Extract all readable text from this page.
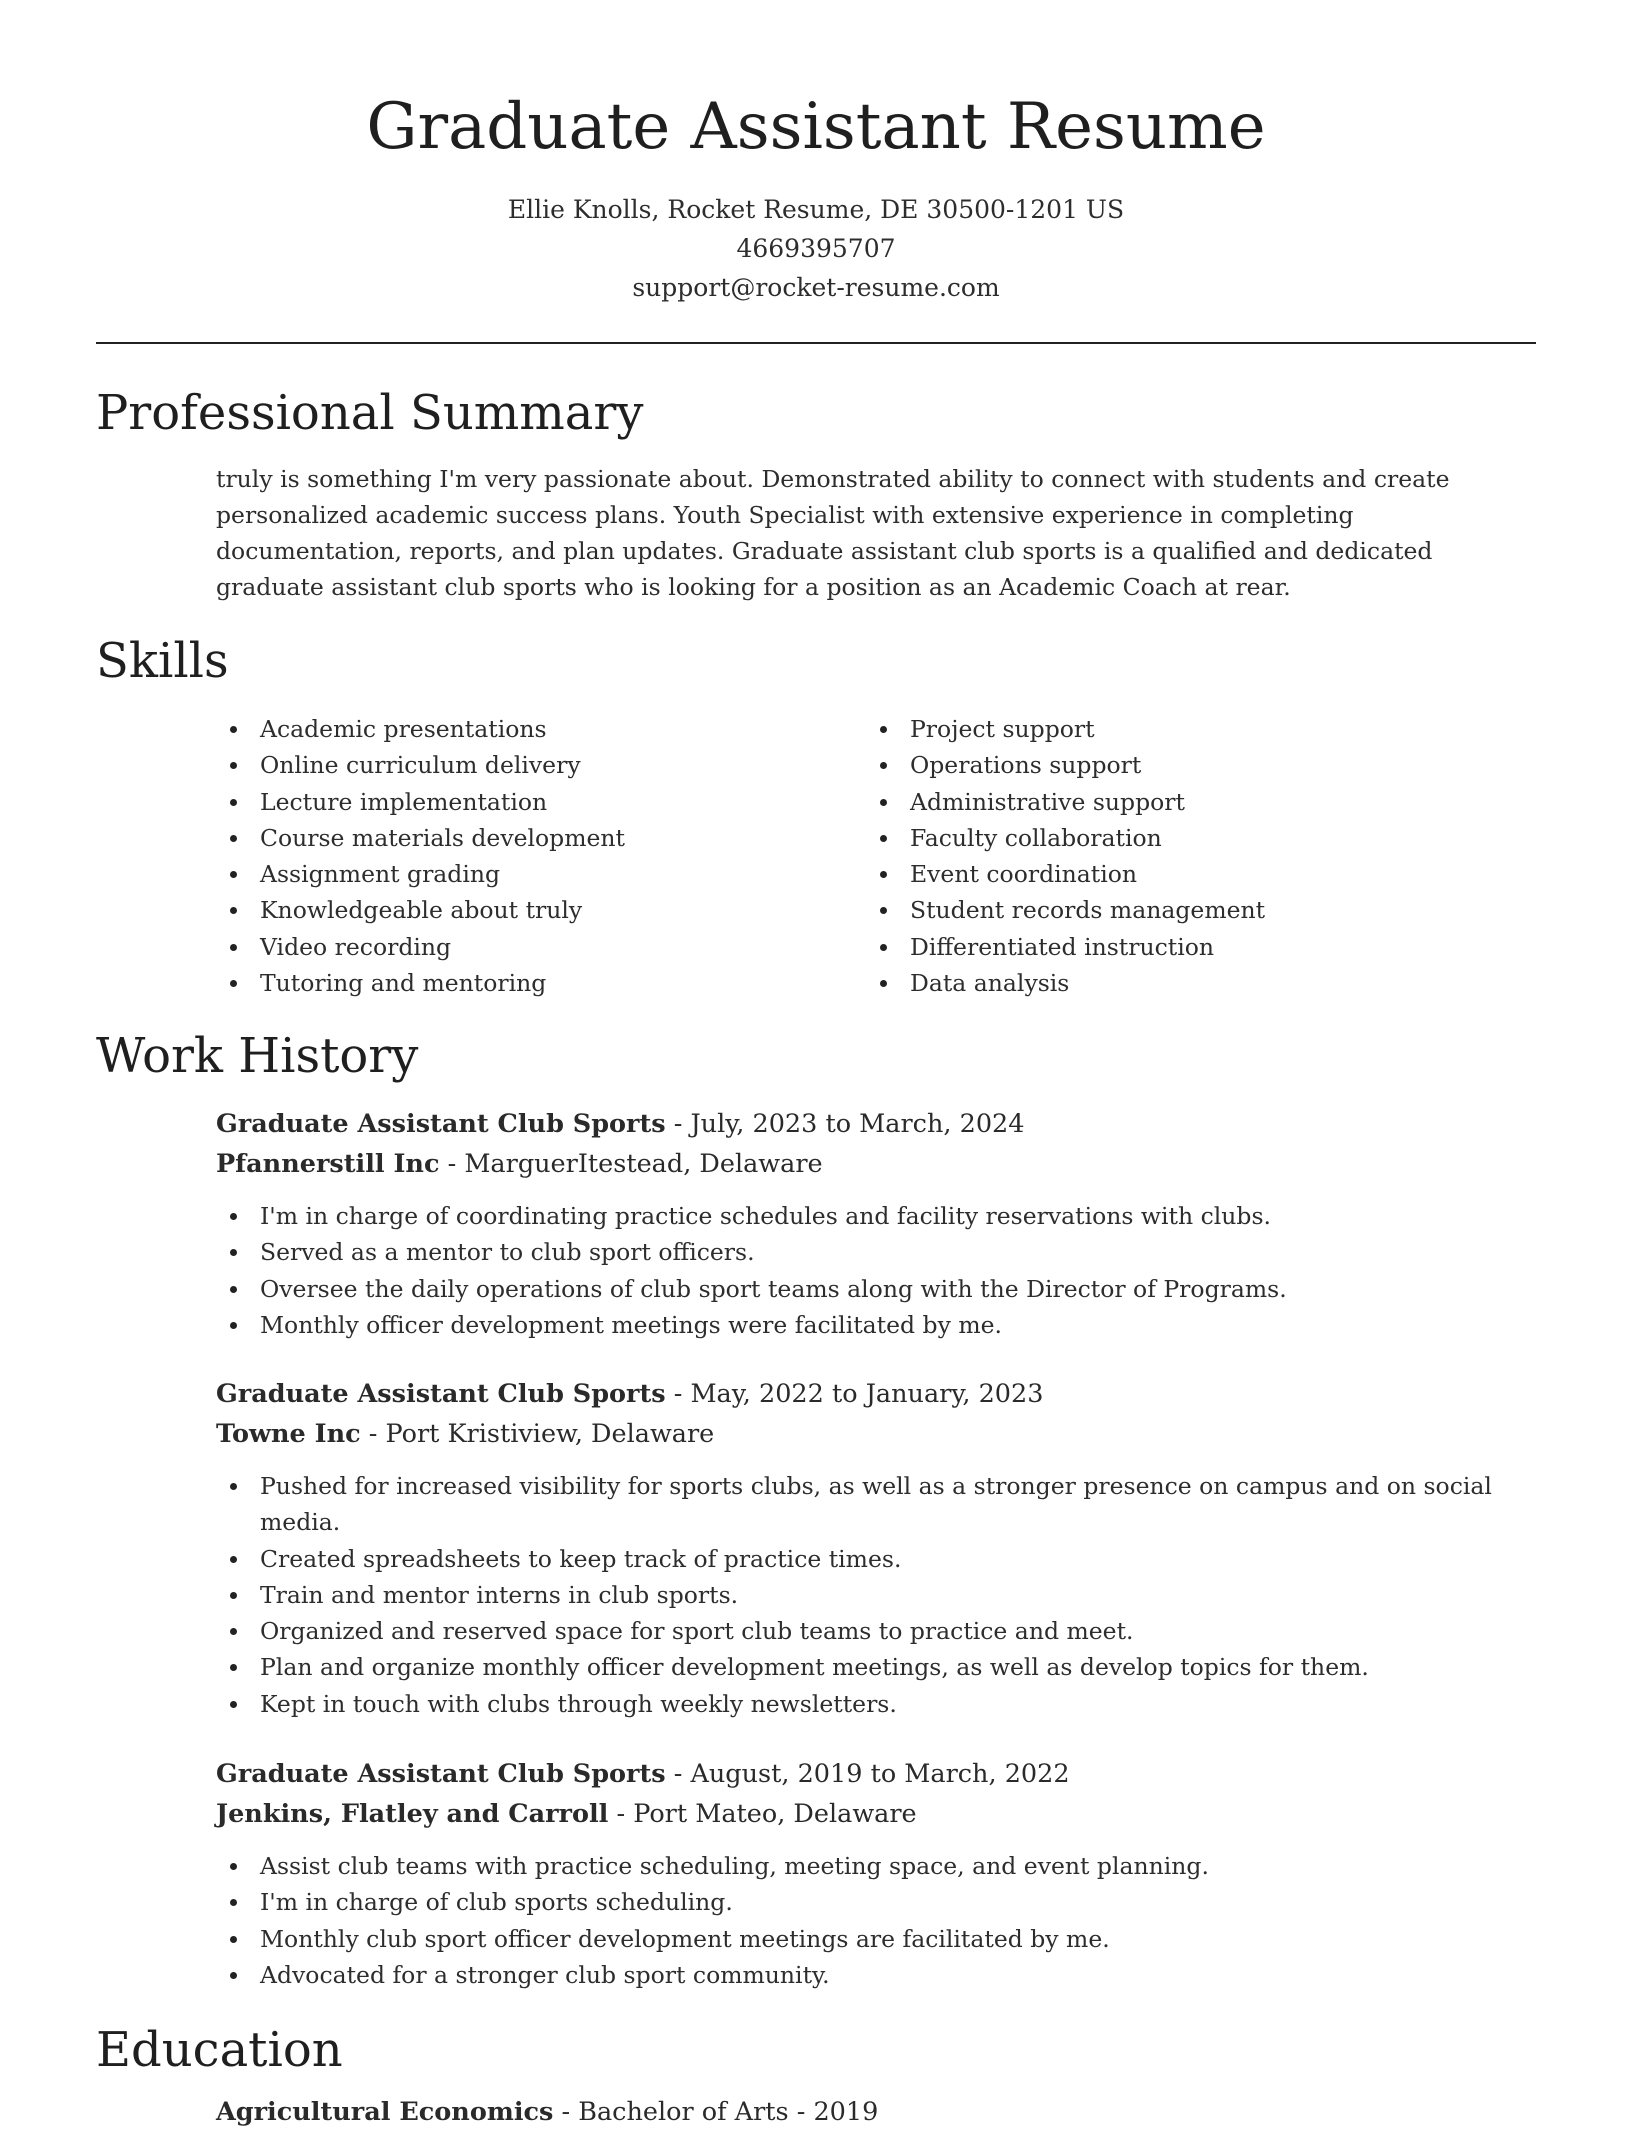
Graduate Assistant Resume
Ellie Knolls, Rocket Resume, DE 30500-1201 US
4669395707
support@rocket-resume.com
Professional Summary

truly is something I'm very passionate about. Demonstrated ability to connect with students and create personalized academic success plans. Youth Specialist with extensive experience in completing documentation, reports, and plan updates. Graduate assistant club sports is a qualified and dedicated graduate assistant club sports who is looking for a position as an Academic Coach at rear.

Skills
Academic presentations
Online curriculum delivery
Lecture implementation
Course materials development
Assignment grading
Knowledgeable about truly
Video recording
Tutoring and mentoring
Project support
Operations support
Administrative support
Faculty collaboration
Event coordination
Student records management
Differentiated instruction
Data analysis
Work History
Graduate Assistant Club Sports - July, 2023 to March, 2024
Pfannerstill Inc - MarguerItestead, Delaware
I'm in charge of coordinating practice schedules and facility reservations with clubs.
Served as a mentor to club sport officers.
Oversee the daily operations of club sport teams along with the Director of Programs.
Monthly officer development meetings were facilitated by me.
Graduate Assistant Club Sports - May, 2022 to January, 2023
Towne Inc - Port Kristiview, Delaware
Pushed for increased visibility for sports clubs, as well as a stronger presence on campus and on social media.
Created spreadsheets to keep track of practice times.
Train and mentor interns in club sports.
Organized and reserved space for sport club teams to practice and meet.
Plan and organize monthly officer development meetings, as well as develop topics for them.
Kept in touch with clubs through weekly newsletters.
Graduate Assistant Club Sports - August, 2019 to March, 2022
Jenkins, Flatley and Carroll - Port Mateo, Delaware
Assist club teams with practice scheduling, meeting space, and event planning.
I'm in charge of club sports scheduling.
Monthly club sport officer development meetings are facilitated by me.
Advocated for a stronger club sport community.
Education
Agricultural Economics - Bachelor of Arts - 2019
